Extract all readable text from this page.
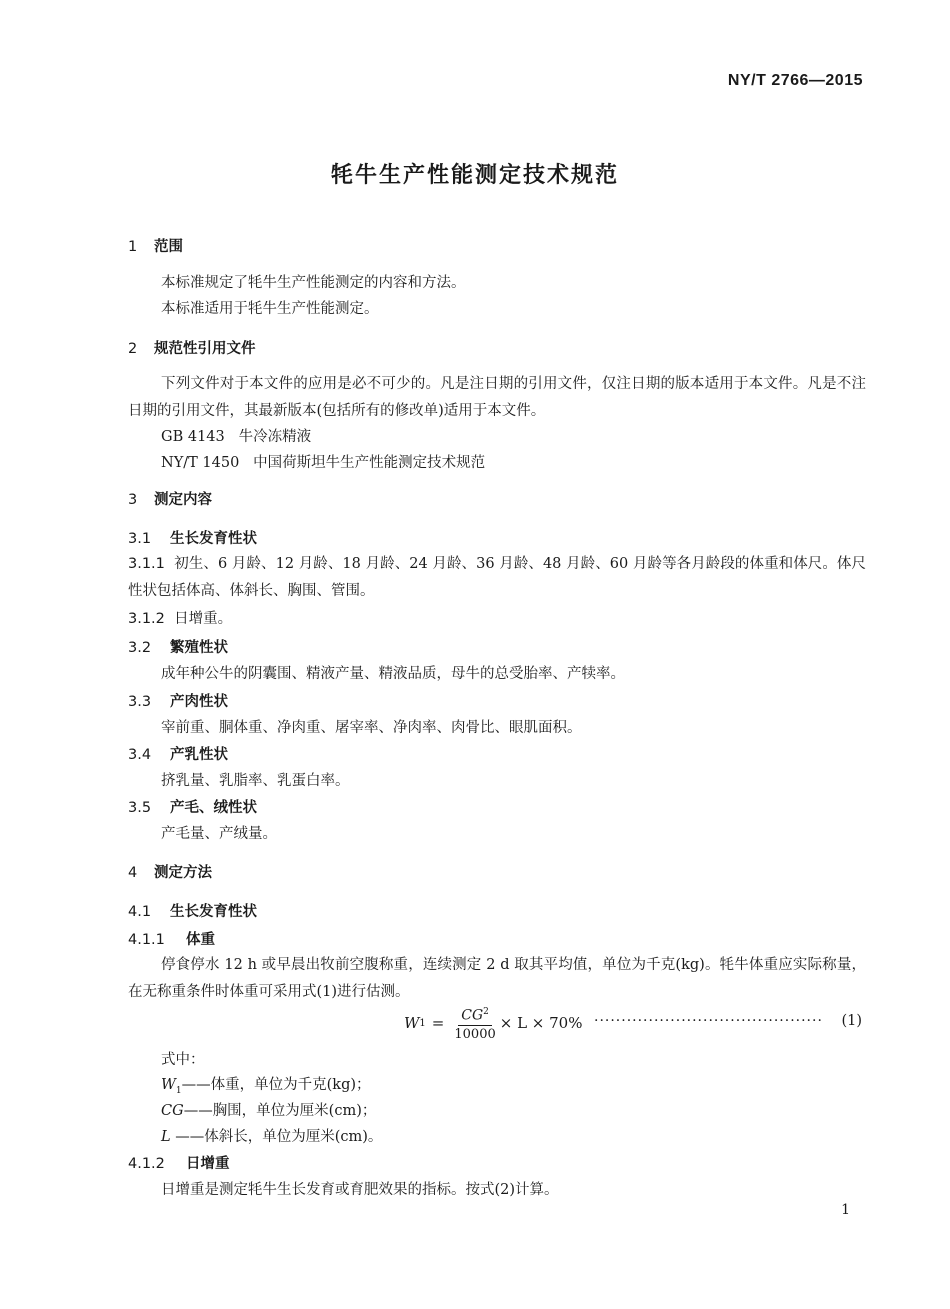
NY/T 2766—2015
牦牛生产性能测定技术规范
1 范围
本标准规定了牦牛生产性能测定的内容和方法。
本标准适用于牦牛生产性能测定。
2 规范性引用文件
下列文件对于本文件的应用是必不可少的。凡是注日期的引用文件，仅注日期的版本适用于本文件。凡是不注日期的引用文件，其最新版本(包括所有的修改单)适用于本文件。
GB 4143 牛冷冻精液
NY/T 1450 中国荷斯坦牛生产性能测定技术规范
3 测定内容
3.1 生长发育性状
3.1.1 初生、6 月龄、12 月龄、18 月龄、24 月龄、36 月龄、48 月龄、60 月龄等各月龄段的体重和体尺。体尺性状包括体高、体斜长、胸围、管围。
3.1.2 日增重。
3.2 繁殖性状
成年种公牛的阴囊围、精液产量、精液品质，母牛的总受胎率、产犊率。
3.3 产肉性状
宰前重、胴体重、净肉重、屠宰率、净肉率、肉骨比、眼肌面积。
3.4 产乳性状
挤乳量、乳脂率、乳蛋白率。
3.5 产毛、绒性状
产毛量、产绒量。
4 测定方法
4.1 生长发育性状
4.1.1 体重
停食停水 12 h 或早晨出牧前空腹称重，连续测定 2 d 取其平均值，单位为千克(kg)。牦牛体重应实际称量，在无称重条件时体重可采用式(1)进行估测。
W $1 = \frac{CG^2}{10000} \times L \times 70\%$ ·········································· (1)
式中：
$W_1——$体重，单位为千克(kg)；
CG——胸围，单位为厘米(cm)；
L ——体斜长，单位为厘米(cm)。
4.1.2 日增重
日增重是测定牦牛生长发育或育肥效果的指标。按式(2)计算。
1
